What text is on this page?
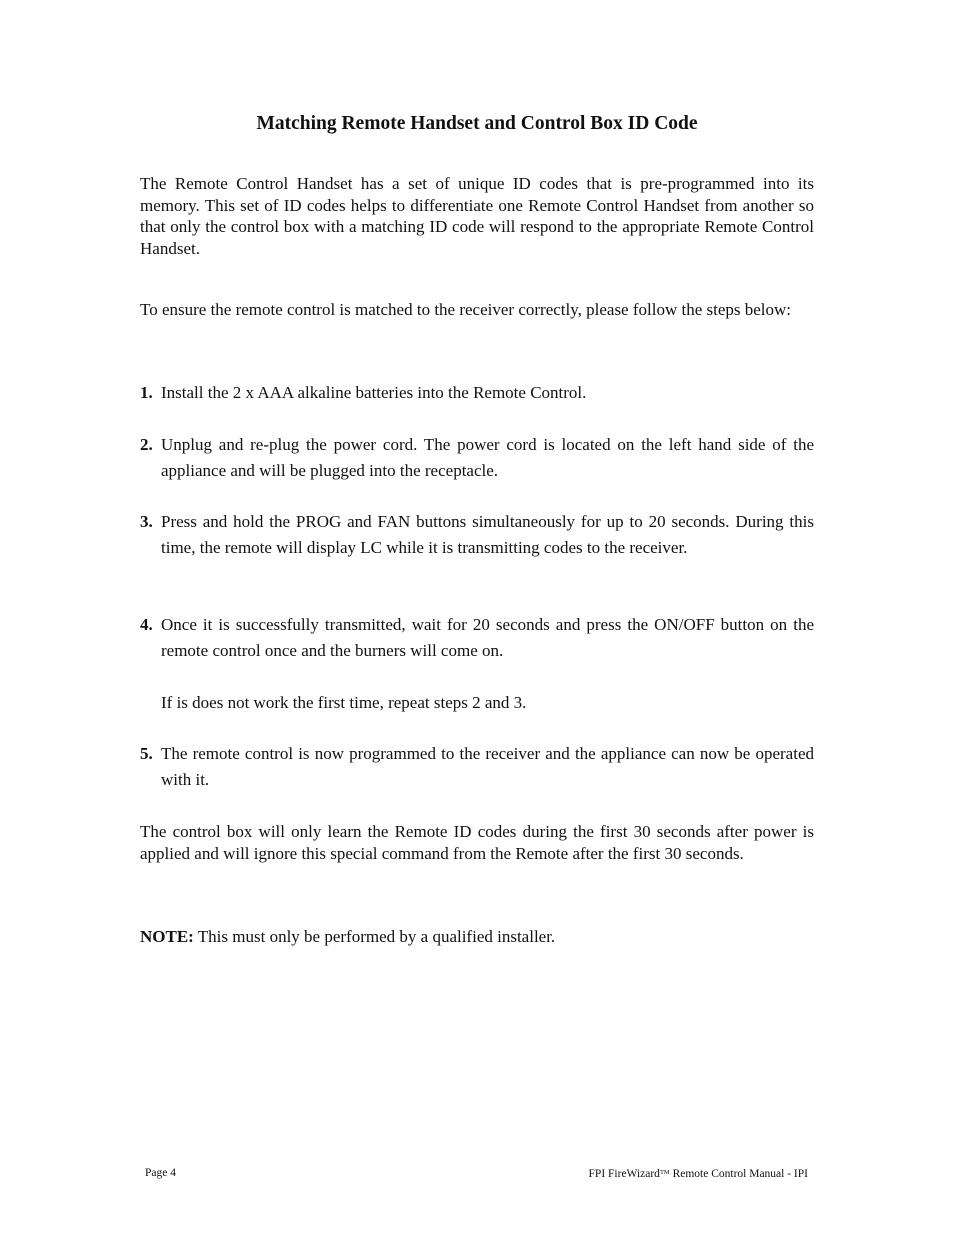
Matching Remote Handset and Control Box ID Code

The Remote Control Handset has a set of unique ID codes that is pre-programmed into its memory. This set of ID codes helps to differentiate one Remote Control Handset from another so that only the control box with a matching ID code will respond to the appropriate Remote Control Handset.

To ensure the remote control is matched to the receiver correctly, please follow the steps below:

1. Install the 2 x AAA alkaline batteries into the Remote Control.
2. Unplug and re-plug the power cord. The power cord is located on the left hand side of the appliance and will be plugged into the receptacle.
3. Press and hold the PROG and FAN buttons simultaneously for up to 20 seconds. During this time, the remote will display LC while it is transmitting codes to the receiver.
4. Once it is successfully transmitted, wait for 20 seconds and press the ON/OFF button on the remote control once and the burners will come on.

If is does not work the first time, repeat steps 2 and 3.

5. The remote control is now programmed to the receiver and the appliance can now be operated with it.

The control box will only learn the Remote ID codes during the first 30 seconds after power is applied and will ignore this special command from the Remote after the first 30 seconds.

NOTE: This must only be performed by a qualified installer.
Page 4	FPI FireWizard™ Remote Control Manual - IPI
